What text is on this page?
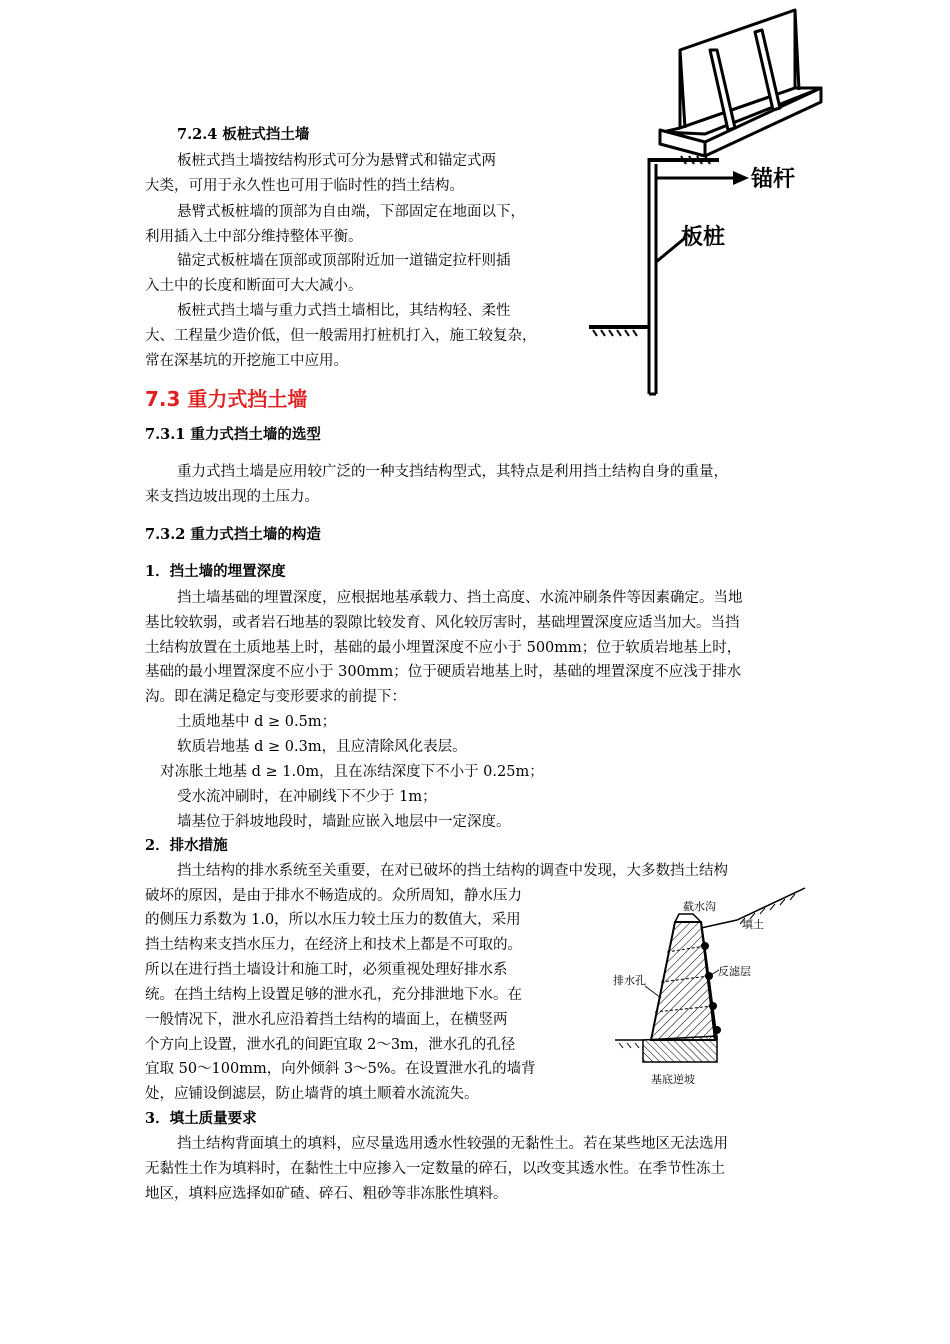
7.2.4 板桩式挡土墙
板桩式挡土墙按结构形式可分为悬臂式和锚定式两
大类，可用于永久性也可用于临时性的挡土结构。
悬臂式板桩墙的顶部为自由端，下部固定在地面以下，
利用插入土中部分维持整体平衡。
锚定式板桩墙在顶部或顶部附近加一道锚定拉杆则插
入土中的长度和断面可大大减小。
板桩式挡土墙与重力式挡土墙相比，其结构轻、柔性
大、工程量少造价低，但一般需用打桩机打入，施工较复杂，
常在深基坑的开挖施工中应用。
锚杆
板桩
7.3 重力式挡土墙
7.3.1 重力式挡土墙的选型
重力式挡土墙是应用较广泛的一种支挡结构型式，其特点是利用挡土结构自身的重量，
来支挡边坡出现的土压力。
7.3.2 重力式挡土墙的构造
1．挡土墙的埋置深度
挡土墙基础的埋置深度，应根据地基承载力、挡土高度、水流冲刷条件等因素确定。当地
基比较软弱，或者岩石地基的裂隙比较发育、风化较厉害时，基础埋置深度应适当加大。当挡
土结构放置在土质地基上时，基础的最小埋置深度不应小于 500mm；位于软质岩地基上时，
基础的最小埋置深度不应小于 300mm；位于硬质岩地基上时，基础的埋置深度不应浅于排水
沟。即在满足稳定与变形要求的前提下：
土质地基中 d ≥ 0.5m；
软质岩地基 d ≥ 0.3m，且应清除风化表层。
对冻胀土地基 d ≥ 1.0m，且在冻结深度下不小于 0.25m；
受水流冲刷时，在冲刷线下不少于 1m；
墙基位于斜坡地段时，墙趾应嵌入地层中一定深度。
2．排水措施
挡土结构的排水系统至关重要，在对已破坏的挡土结构的调查中发现，大多数挡土结构
破坏的原因，是由于排水不畅造成的。众所周知，静水压力
的侧压力系数为 1.0，所以水压力较土压力的数值大，采用
挡土结构来支挡水压力，在经济上和技术上都是不可取的。
所以在进行挡土墙设计和施工时，必须重视处理好排水系
统。在挡土结构上设置足够的泄水孔，充分排泄地下水。在
一般情况下，泄水孔应沿着挡土结构的墙面上，在横竖两
个方向上设置，泄水孔的间距宜取 2～3m，泄水孔的孔径
宜取 50～100mm，向外倾斜 3～5%。在设置泄水孔的墙背
处，应铺设倒滤层，防止墙背的填土顺着水流流失。
截水沟
填土
反滤层
排水孔
基底逆坡
3．填土质量要求
挡土结构背面填土的填料，应尽量选用透水性较强的无黏性土。若在某些地区无法选用
无黏性土作为填料时，在黏性土中应掺入一定数量的碎石，以改变其透水性。在季节性冻土
地区，填料应选择如矿碴、碎石、粗砂等非冻胀性填料。
